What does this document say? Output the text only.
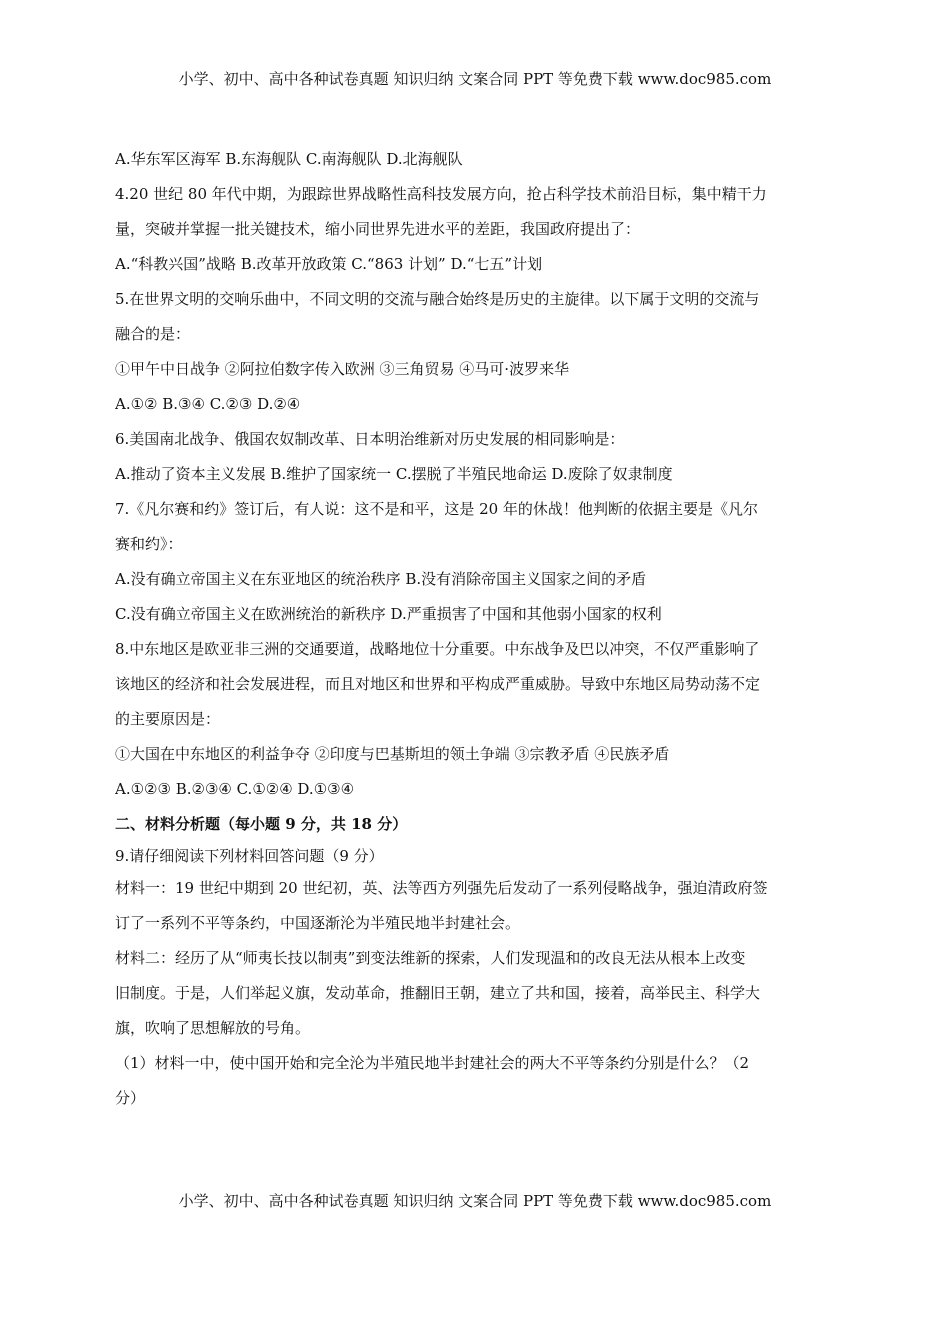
小学、初中、高中各种试卷真题 知识归纳 文案合同 PPT 等免费下载 www.doc985.com
A.华东军区海军 B.东海舰队 C.南海舰队 D.北海舰队
4.20 世纪 80 年代中期，为跟踪世界战略性高科技发展方向，抢占科学技术前沿目标，集中精干力
量，突破并掌握一批关键技术，缩小同世界先进水平的差距，我国政府提出了：
A.“科教兴国”战略 B.改革开放政策 C.“863 计划” D.“七五”计划
5.在世界文明的交响乐曲中，不同文明的交流与融合始终是历史的主旋律。以下属于文明的交流与
融合的是：
①甲午中日战争 ②阿拉伯数字传入欧洲 ③三角贸易 ④马可·波罗来华
A.①② B.③④ C.②③ D.②④
6.美国南北战争、俄国农奴制改革、日本明治维新对历史发展的相同影响是：
A.推动了资本主义发展 B.维护了国家统一 C.摆脱了半殖民地命运 D.废除了奴隶制度
7.《凡尔赛和约》签订后，有人说：这不是和平，这是 20 年的休战！他判断的依据主要是《凡尔
赛和约》：
A.没有确立帝国主义在东亚地区的统治秩序 B.没有消除帝国主义国家之间的矛盾
C.没有确立帝国主义在欧洲统治的新秩序 D.严重损害了中国和其他弱小国家的权利
8.中东地区是欧亚非三洲的交通要道，战略地位十分重要。中东战争及巴以冲突，不仅严重影响了
该地区的经济和社会发展进程，而且对地区和世界和平构成严重威胁。导致中东地区局势动荡不定
的主要原因是：
①大国在中东地区的利益争夺 ②印度与巴基斯坦的领土争端 ③宗教矛盾 ④民族矛盾
A.①②③ B.②③④ C.①②④ D.①③④
二、材料分析题（每小题 9 分，共 18 分）
9.请仔细阅读下列材料回答问题（9 分）
材料一：19 世纪中期到 20 世纪初，英、法等西方列强先后发动了一系列侵略战争，强迫清政府签
订了一系列不平等条约，中国逐渐沦为半殖民地半封建社会。
材料二：经历了从“师夷长技以制夷”到变法维新的探索，人们发现温和的改良无法从根本上改变
旧制度。于是，人们举起义旗，发动革命，推翻旧王朝，建立了共和国，接着，高举民主、科学大
旗，吹响了思想解放的号角。
（1）材料一中，使中国开始和完全沦为半殖民地半封建社会的两大不平等条约分别是什么？（2
分）
小学、初中、高中各种试卷真题 知识归纳 文案合同 PPT 等免费下载 www.doc985.com
